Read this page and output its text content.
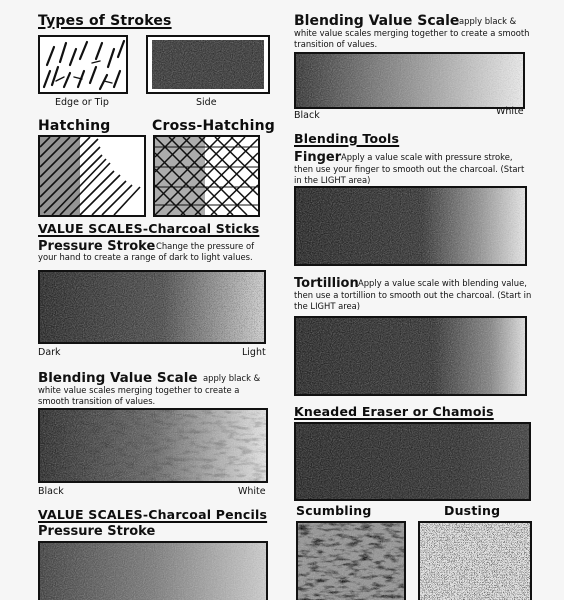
Types of Strokes
Edge or Tip	Side
Hatching	Cross-Hatching
VALUE SCALES-Charcoal Sticks
Pressure Stroke Change the pressure of your hand to create a range of dark to light values.
Dark	Light
Blending Value Scale apply black &
white value scales merging together to create a smooth transition of values.
Black	White
VALUE SCALES-Charcoal Pencils
Pressure Stroke
Blending Value Scale apply black &
white value scales merging together to create a smooth transition of values.
Black	White
Blending Tools
Finger Apply a value scale with pressure stroke,
then use your finger to smooth out the charcoal. (Start in the LIGHT area)
Tortillion Apply a value scale with blending value,
then use a tortillion to smooth out the charcoal. (Start in the LIGHT area)
Kneaded Eraser or Chamois
Scumbling	Dusting
